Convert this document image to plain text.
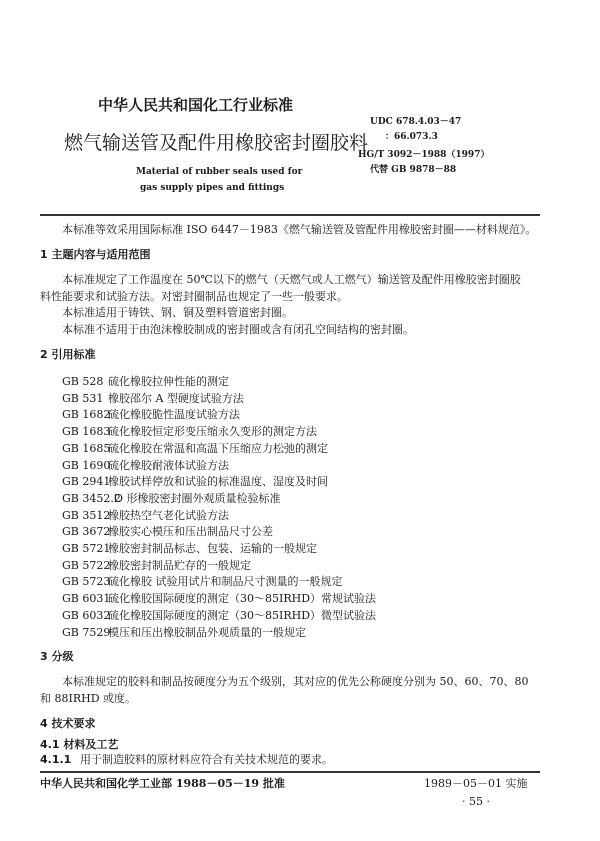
中华人民共和国化工行业标准
燃气输送管及配件用橡胶密封圈胶料
Material of rubber seals used for
gas supply pipes and fittings
UDC 678.4.03－47
：66.073.3
HG/T 3092－1988（1997）
代替 GB 9878－88
本标准等效采用国际标准 ISO 6447－1983《燃气输送管及管配件用橡胶密封圈——材料规范》。
1 主题内容与适用范围
本标准规定了工作温度在 50℃以下的燃气（天燃气或人工燃气）输送管及配件用橡胶密封圈胶
料性能要求和试验方法。对密封圈制品也规定了一些一般要求。
本标准适用于铸铁、钢、铜及塑料管道密封圈。
本标准不适用于由泡沫橡胶制成的密封圈或含有闭孔空间结构的密封圈。
2 引用标准
GB 528 硫化橡胶拉伸性能的测定
GB 531 橡胶邵尔 A 型硬度试验方法
GB 1682硫化橡胶脆性温度试验方法
GB 1683硫化橡胶恒定形变压缩永久变形的测定方法
GB 1685硫化橡胶在常温和高温下压缩应力松弛的测定
GB 1690硫化橡胶耐液体试验方法
GB 2941橡胶试样停放和试验的标准温度、湿度及时间
GB 3452.2O 形橡胶密封圈外观质量检验标准
GB 3512橡胶热空气老化试验方法
GB 3672橡胶实心模压和压出制品尺寸公差
GB 5721橡胶密封制品标志、包装、运输的一般规定
GB 5722橡胶密封制品贮存的一般规定
GB 5723硫化橡胶 试验用试片和制品尺寸测量的一般规定
GB 6031硫化橡胶国际硬度的测定（30～85IRHD）常规试验法
GB 6032硫化橡胶国际硬度的测定（30～85IRHD）微型试验法
GB 7529模压和压出橡胶制品外观质量的一般规定
3 分级
本标准规定的胶料和制品按硬度分为五个级别，其对应的优先公称硬度分别为 50、60、70、80
和 88IRHD 或度。
4 技术要求
4.1 材料及工艺
4.1.1 用于制造胶料的原材料应符合有关技术规范的要求。
中华人民共和国化学工业部 1988－05－19 批准	1989－05－01 实施
· 55 ·
